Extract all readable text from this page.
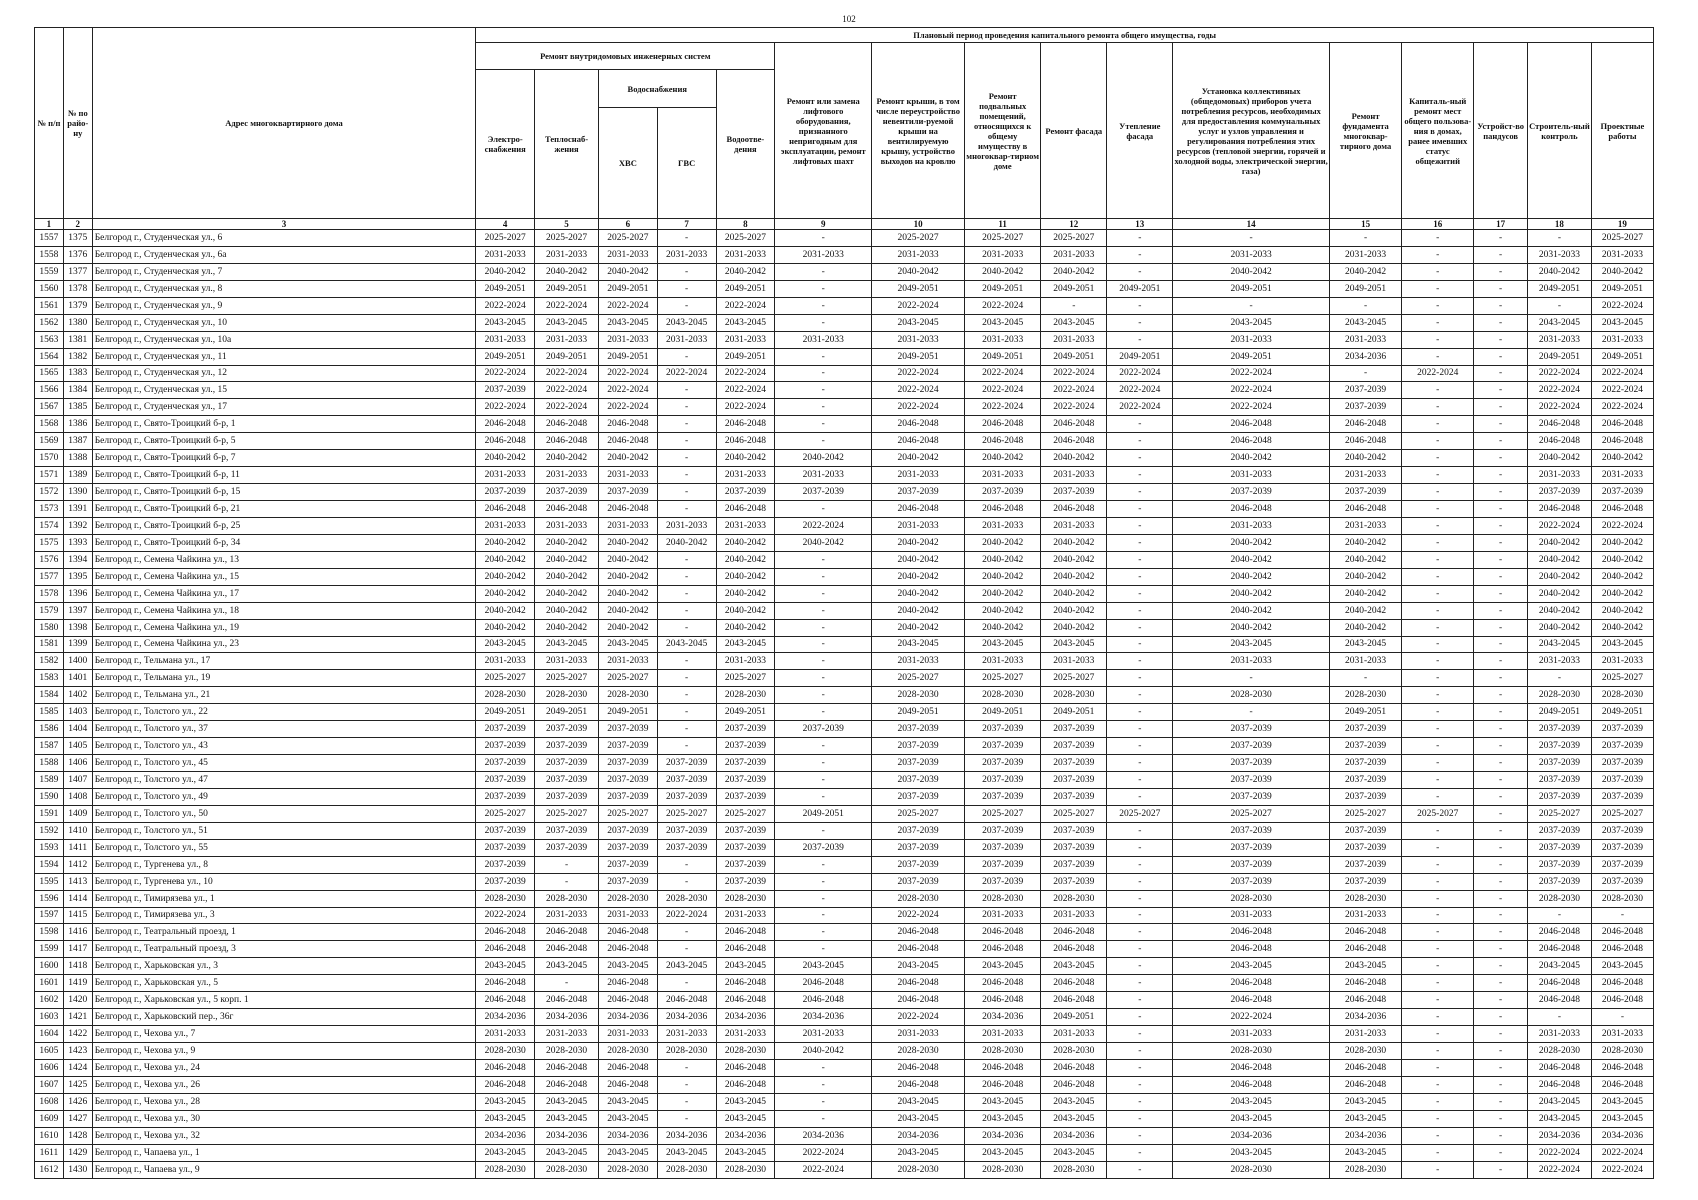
102
№ п/п	№ по райо-ну	Адрес многоквартирного дома	Плановый период проведения капитального ремонта общего имущества, годы															
			Ремонт внутридомовых инженерных систем					Ремонт или замена лифтового оборудования, признанного непригодным для эксплуатации, ремонт лифтовых шахт	Ремонт крыши, в том числе переустройство невентили-руемой крыши на вентилируемую крышу, устройство выходов на кровлю	Ремонт подвальных помещений, относящихся к общему имуществу в многоквар-тирном доме	Ремонт фасада	Утепление фасада	Установка коллективных (общедомовых) приборов учета потребления ресурсов, необходимых для предоставления коммунальных услуг и узлов управления и регулирования потребления этих ресурсов (тепловой энергии, горячей и холодной воды, электрической энергии, газа)	Ремонт фундамента многоквар-тирного дома	Капиталь-ный ремонт мест общего пользова-ния в домах, ранее имевших статус общежитий	Устройст-во пандусов	Строитель-ный контроль	Проектные работы
			Электро-снабжения	Теплоснаб-жения	Водоснабжения		Водоотве-дения											
					ХВС	ГВС												
1	2	3	4	5	6	7	8	9	10	11	12	13	14	15	16	17	18	19
1557	1375	Белгород г., Студенческая ул., 6	2025-2027	2025-2027	2025-2027	-	2025-2027	-	2025-2027	2025-2027	2025-2027	-	-	-	-	-	-	2025-2027
1558	1376	Белгород г., Студенческая ул., 6а	2031-2033	2031-2033	2031-2033	2031-2033	2031-2033	2031-2033	2031-2033	2031-2033	2031-2033	-	2031-2033	2031-2033	-	-	2031-2033	2031-2033
1559	1377	Белгород г., Студенческая ул., 7	2040-2042	2040-2042	2040-2042	-	2040-2042	-	2040-2042	2040-2042	2040-2042	-	2040-2042	2040-2042	-	-	2040-2042	2040-2042
1560	1378	Белгород г., Студенческая ул., 8	2049-2051	2049-2051	2049-2051	-	2049-2051	-	2049-2051	2049-2051	2049-2051	2049-2051	2049-2051	2049-2051	-	-	2049-2051	2049-2051
1561	1379	Белгород г., Студенческая ул., 9	2022-2024	2022-2024	2022-2024	-	2022-2024	-	2022-2024	2022-2024	-	-	-	-	-	-	-	2022-2024
1562	1380	Белгород г., Студенческая ул., 10	2043-2045	2043-2045	2043-2045	2043-2045	2043-2045	-	2043-2045	2043-2045	2043-2045	-	2043-2045	2043-2045	-	-	2043-2045	2043-2045
1563	1381	Белгород г., Студенческая ул., 10а	2031-2033	2031-2033	2031-2033	2031-2033	2031-2033	2031-2033	2031-2033	2031-2033	2031-2033	-	2031-2033	2031-2033	-	-	2031-2033	2031-2033
1564	1382	Белгород г., Студенческая ул., 11	2049-2051	2049-2051	2049-2051	-	2049-2051	-	2049-2051	2049-2051	2049-2051	2049-2051	2049-2051	2034-2036	-	-	2049-2051	2049-2051
1565	1383	Белгород г., Студенческая ул., 12	2022-2024	2022-2024	2022-2024	2022-2024	2022-2024	-	2022-2024	2022-2024	2022-2024	2022-2024	2022-2024	-	2022-2024	-	2022-2024	2022-2024
1566	1384	Белгород г., Студенческая ул., 15	2037-2039	2022-2024	2022-2024	-	2022-2024	-	2022-2024	2022-2024	2022-2024	2022-2024	2022-2024	2037-2039	-	-	2022-2024	2022-2024
1567	1385	Белгород г., Студенческая ул., 17	2022-2024	2022-2024	2022-2024	-	2022-2024	-	2022-2024	2022-2024	2022-2024	2022-2024	2022-2024	2037-2039	-	-	2022-2024	2022-2024
1568	1386	Белгород г., Свято-Троицкий б-р, 1	2046-2048	2046-2048	2046-2048	-	2046-2048	-	2046-2048	2046-2048	2046-2048	-	2046-2048	2046-2048	-	-	2046-2048	2046-2048
1569	1387	Белгород г., Свято-Троицкий б-р, 5	2046-2048	2046-2048	2046-2048	-	2046-2048	-	2046-2048	2046-2048	2046-2048	-	2046-2048	2046-2048	-	-	2046-2048	2046-2048
1570	1388	Белгород г., Свято-Троицкий б-р, 7	2040-2042	2040-2042	2040-2042	-	2040-2042	2040-2042	2040-2042	2040-2042	2040-2042	-	2040-2042	2040-2042	-	-	2040-2042	2040-2042
1571	1389	Белгород г., Свято-Троицкий б-р, 11	2031-2033	2031-2033	2031-2033	-	2031-2033	2031-2033	2031-2033	2031-2033	2031-2033	-	2031-2033	2031-2033	-	-	2031-2033	2031-2033
1572	1390	Белгород г., Свято-Троицкий б-р, 15	2037-2039	2037-2039	2037-2039	-	2037-2039	2037-2039	2037-2039	2037-2039	2037-2039	-	2037-2039	2037-2039	-	-	2037-2039	2037-2039
1573	1391	Белгород г., Свято-Троицкий б-р, 21	2046-2048	2046-2048	2046-2048	-	2046-2048	-	2046-2048	2046-2048	2046-2048	-	2046-2048	2046-2048	-	-	2046-2048	2046-2048
1574	1392	Белгород г., Свято-Троицкий б-р, 25	2031-2033	2031-2033	2031-2033	2031-2033	2031-2033	2022-2024	2031-2033	2031-2033	2031-2033	-	2031-2033	2031-2033	-	-	2022-2024	2022-2024
1575	1393	Белгород г., Свято-Троицкий б-р, 34	2040-2042	2040-2042	2040-2042	2040-2042	2040-2042	2040-2042	2040-2042	2040-2042	2040-2042	-	2040-2042	2040-2042	-	-	2040-2042	2040-2042
1576	1394	Белгород г., Семена Чайкина ул., 13	2040-2042	2040-2042	2040-2042	-	2040-2042	-	2040-2042	2040-2042	2040-2042	-	2040-2042	2040-2042	-	-	2040-2042	2040-2042
1577	1395	Белгород г., Семена Чайкина ул., 15	2040-2042	2040-2042	2040-2042	-	2040-2042	-	2040-2042	2040-2042	2040-2042	-	2040-2042	2040-2042	-	-	2040-2042	2040-2042
1578	1396	Белгород г., Семена Чайкина ул., 17	2040-2042	2040-2042	2040-2042	-	2040-2042	-	2040-2042	2040-2042	2040-2042	-	2040-2042	2040-2042	-	-	2040-2042	2040-2042
1579	1397	Белгород г., Семена Чайкина ул., 18	2040-2042	2040-2042	2040-2042	-	2040-2042	-	2040-2042	2040-2042	2040-2042	-	2040-2042	2040-2042	-	-	2040-2042	2040-2042
1580	1398	Белгород г., Семена Чайкина ул., 19	2040-2042	2040-2042	2040-2042	-	2040-2042	-	2040-2042	2040-2042	2040-2042	-	2040-2042	2040-2042	-	-	2040-2042	2040-2042
1581	1399	Белгород г., Семена Чайкина ул., 23	2043-2045	2043-2045	2043-2045	2043-2045	2043-2045	-	2043-2045	2043-2045	2043-2045	-	2043-2045	2043-2045	-	-	2043-2045	2043-2045
1582	1400	Белгород г., Тельмана ул., 17	2031-2033	2031-2033	2031-2033	-	2031-2033	-	2031-2033	2031-2033	2031-2033	-	2031-2033	2031-2033	-	-	2031-2033	2031-2033
1583	1401	Белгород г., Тельмана ул., 19	2025-2027	2025-2027	2025-2027	-	2025-2027	-	2025-2027	2025-2027	2025-2027	-	-	-	-	-	-	2025-2027
1584	1402	Белгород г., Тельмана ул., 21	2028-2030	2028-2030	2028-2030	-	2028-2030	-	2028-2030	2028-2030	2028-2030	-	2028-2030	2028-2030	-	-	2028-2030	2028-2030
1585	1403	Белгород г., Толстого ул., 22	2049-2051	2049-2051	2049-2051	-	2049-2051	-	2049-2051	2049-2051	2049-2051	-	-	2049-2051	-	-	2049-2051	2049-2051
1586	1404	Белгород г., Толстого ул., 37	2037-2039	2037-2039	2037-2039	-	2037-2039	2037-2039	2037-2039	2037-2039	2037-2039	-	2037-2039	2037-2039	-	-	2037-2039	2037-2039
1587	1405	Белгород г., Толстого ул., 43	2037-2039	2037-2039	2037-2039	-	2037-2039	-	2037-2039	2037-2039	2037-2039	-	2037-2039	2037-2039	-	-	2037-2039	2037-2039
1588	1406	Белгород г., Толстого ул., 45	2037-2039	2037-2039	2037-2039	2037-2039	2037-2039	-	2037-2039	2037-2039	2037-2039	-	2037-2039	2037-2039	-	-	2037-2039	2037-2039
1589	1407	Белгород г., Толстого ул., 47	2037-2039	2037-2039	2037-2039	2037-2039	2037-2039	-	2037-2039	2037-2039	2037-2039	-	2037-2039	2037-2039	-	-	2037-2039	2037-2039
1590	1408	Белгород г., Толстого ул., 49	2037-2039	2037-2039	2037-2039	2037-2039	2037-2039	-	2037-2039	2037-2039	2037-2039	-	2037-2039	2037-2039	-	-	2037-2039	2037-2039
1591	1409	Белгород г., Толстого ул., 50	2025-2027	2025-2027	2025-2027	2025-2027	2025-2027	2049-2051	2025-2027	2025-2027	2025-2027	2025-2027	2025-2027	2025-2027	2025-2027	-	2025-2027	2025-2027
1592	1410	Белгород г., Толстого ул., 51	2037-2039	2037-2039	2037-2039	2037-2039	2037-2039	-	2037-2039	2037-2039	2037-2039	-	2037-2039	2037-2039	-	-	2037-2039	2037-2039
1593	1411	Белгород г., Толстого ул., 55	2037-2039	2037-2039	2037-2039	2037-2039	2037-2039	2037-2039	2037-2039	2037-2039	2037-2039	-	2037-2039	2037-2039	-	-	2037-2039	2037-2039
1594	1412	Белгород г., Тургенева ул., 8	2037-2039	-	2037-2039	-	2037-2039	-	2037-2039	2037-2039	2037-2039	-	2037-2039	2037-2039	-	-	2037-2039	2037-2039
1595	1413	Белгород г., Тургенева ул., 10	2037-2039	-	2037-2039	-	2037-2039	-	2037-2039	2037-2039	2037-2039	-	2037-2039	2037-2039	-	-	2037-2039	2037-2039
1596	1414	Белгород г., Тимирязева ул., 1	2028-2030	2028-2030	2028-2030	2028-2030	2028-2030	-	2028-2030	2028-2030	2028-2030	-	2028-2030	2028-2030	-	-	2028-2030	2028-2030
1597	1415	Белгород г., Тимирязева ул., 3	2022-2024	2031-2033	2031-2033	2022-2024	2031-2033	-	2022-2024	2031-2033	2031-2033	-	2031-2033	2031-2033	-	-	-	-
1598	1416	Белгород г., Театральный проезд, 1	2046-2048	2046-2048	2046-2048	-	2046-2048	-	2046-2048	2046-2048	2046-2048	-	2046-2048	2046-2048	-	-	2046-2048	2046-2048
1599	1417	Белгород г., Театральный проезд, 3	2046-2048	2046-2048	2046-2048	-	2046-2048	-	2046-2048	2046-2048	2046-2048	-	2046-2048	2046-2048	-	-	2046-2048	2046-2048
1600	1418	Белгород г., Харьковская ул., 3	2043-2045	2043-2045	2043-2045	2043-2045	2043-2045	2043-2045	2043-2045	2043-2045	2043-2045	-	2043-2045	2043-2045	-	-	2043-2045	2043-2045
1601	1419	Белгород г., Харьковская ул., 5	2046-2048	-	2046-2048	-	2046-2048	2046-2048	2046-2048	2046-2048	2046-2048	-	2046-2048	2046-2048	-	-	2046-2048	2046-2048
1602	1420	Белгород г., Харьковская ул., 5 корп. 1	2046-2048	2046-2048	2046-2048	2046-2048	2046-2048	2046-2048	2046-2048	2046-2048	2046-2048	-	2046-2048	2046-2048	-	-	2046-2048	2046-2048
1603	1421	Белгород г., Харьковский пер., 36г	2034-2036	2034-2036	2034-2036	2034-2036	2034-2036	2034-2036	2022-2024	2034-2036	2049-2051	-	2022-2024	2034-2036	-	-	-	-
1604	1422	Белгород г., Чехова ул., 7	2031-2033	2031-2033	2031-2033	2031-2033	2031-2033	2031-2033	2031-2033	2031-2033	2031-2033	-	2031-2033	2031-2033	-	-	2031-2033	2031-2033
1605	1423	Белгород г., Чехова ул., 9	2028-2030	2028-2030	2028-2030	2028-2030	2028-2030	2040-2042	2028-2030	2028-2030	2028-2030	-	2028-2030	2028-2030	-	-	2028-2030	2028-2030
1606	1424	Белгород г., Чехова ул., 24	2046-2048	2046-2048	2046-2048	-	2046-2048	-	2046-2048	2046-2048	2046-2048	-	2046-2048	2046-2048	-	-	2046-2048	2046-2048
1607	1425	Белгород г., Чехова ул., 26	2046-2048	2046-2048	2046-2048	-	2046-2048	-	2046-2048	2046-2048	2046-2048	-	2046-2048	2046-2048	-	-	2046-2048	2046-2048
1608	1426	Белгород г., Чехова ул., 28	2043-2045	2043-2045	2043-2045	-	2043-2045	-	2043-2045	2043-2045	2043-2045	-	2043-2045	2043-2045	-	-	2043-2045	2043-2045
1609	1427	Белгород г., Чехова ул., 30	2043-2045	2043-2045	2043-2045	-	2043-2045	-	2043-2045	2043-2045	2043-2045	-	2043-2045	2043-2045	-	-	2043-2045	2043-2045
1610	1428	Белгород г., Чехова ул., 32	2034-2036	2034-2036	2034-2036	2034-2036	2034-2036	2034-2036	2034-2036	2034-2036	2034-2036	-	2034-2036	2034-2036	-	-	2034-2036	2034-2036
1611	1429	Белгород г., Чапаева ул., 1	2043-2045	2043-2045	2043-2045	2043-2045	2043-2045	2022-2024	2043-2045	2043-2045	2043-2045	-	2043-2045	2043-2045	-	-	2022-2024	2022-2024
1612	1430	Белгород г., Чапаева ул., 9	2028-2030	2028-2030	2028-2030	2028-2030	2028-2030	2022-2024	2028-2030	2028-2030	2028-2030	-	2028-2030	2028-2030	-	-	2022-2024	2022-2024
